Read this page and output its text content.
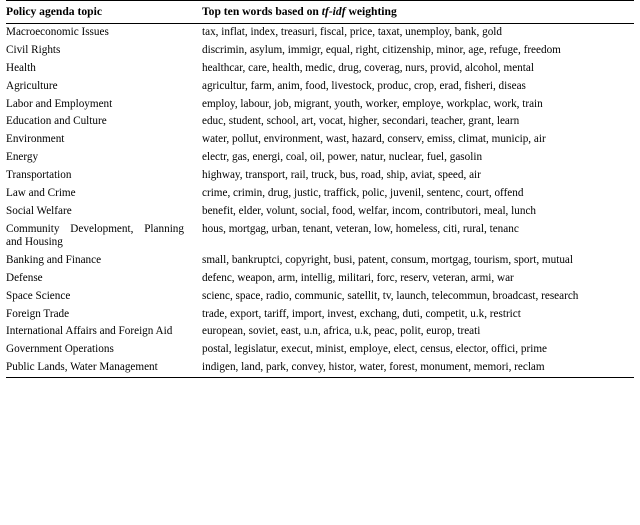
Policy agenda topic	Top ten words based on tf-idf weighting
Macroeconomic Issues	tax, inflat, index, treasuri, fiscal, price, taxat, unemploy, bank, gold
Civil Rights	discrimin, asylum, immigr, equal, right, citizenship, minor, age, refuge, freedom
Health	healthcar, care, health, medic, drug, coverag, nurs, provid, alcohol, mental
Agriculture	agricultur, farm, anim, food, livestock, produc, crop, erad, fisheri, diseas
Labor and Employment	employ, labour, job, migrant, youth, worker, employe, workplac, work, train
Education and Culture	educ, student, school, art, vocat, higher, secondari, teacher, grant, learn
Environment	water, pollut, environment, wast, hazard, conserv, emiss, climat, municip, air
Energy	electr, gas, energi, coal, oil, power, natur, nuclear, fuel, gasolin
Transportation	highway, transport, rail, truck, bus, road, ship, aviat, speed, air
Law and Crime	crime, crimin, drug, justic, traffick, polic, juvenil, sentenc, court, offend
Social Welfare	benefit, elder, volunt, social, food, welfar, incom, contributori, meal, lunch
Community Development, Planning and Housing	hous, mortgag, urban, tenant, veteran, low, homeless, citi, rural, tenanc
Banking and Finance	small, bankruptci, copyright, busi, patent, consum, mortgag, tourism, sport, mutual
Defense	defenc, weapon, arm, intellig, militari, forc, reserv, veteran, armi, war
Space Science	scienc, space, radio, communic, satellit, tv, launch, telecommun, broadcast, research
Foreign Trade	trade, export, tariff, import, invest, exchang, duti, competit, u.k, restrict
International Affairs and Foreign Aid	european, soviet, east, u.n, africa, u.k, peac, polit, europ, treati
Government Operations	postal, legislatur, execut, minist, employe, elect, census, elector, offici, prime
Public Lands, Water Management	indigen, land, park, convey, histor, water, forest, monument, memori, reclam
